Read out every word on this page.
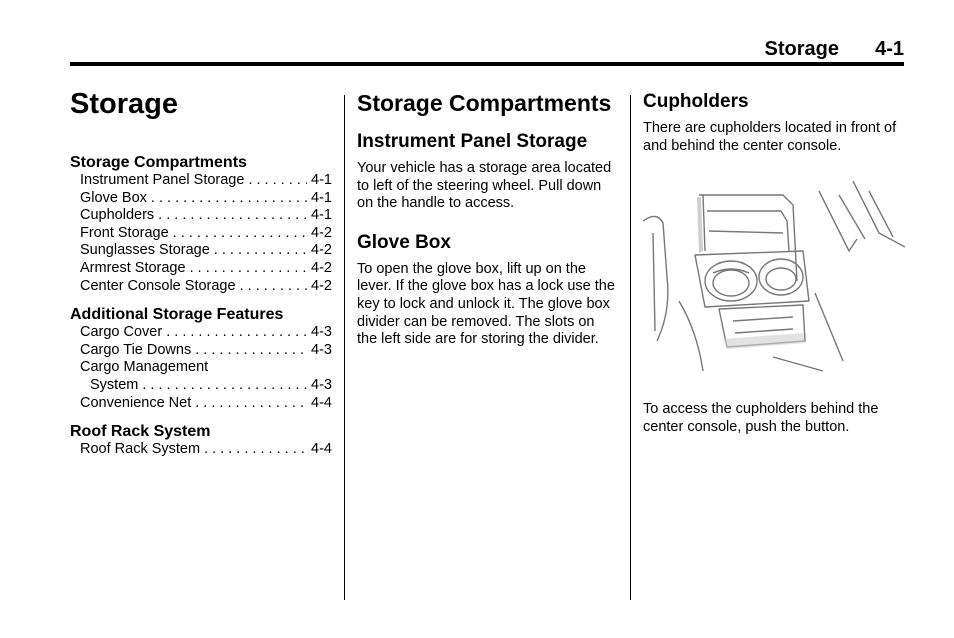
Storage 4-1
Storage
Storage Compartments
Instrument Panel Storage . . .	4-1
Glove Box . . .	4-1
Cupholders . . .	4-1
Front Storage . . .	4-2
Sunglasses Storage . . .	4-2
Armrest Storage . . .	4-2
Center Console Storage . . .	4-2
Additional Storage Features
Cargo Cover . . .	4-3
Cargo Tie Downs . . .	4-3
Cargo Management
System . . .	4-3
Convenience Net . . .	4-4
Roof Rack System
Roof Rack System . . .	4-4
Storage Compartments
Instrument Panel Storage

Your vehicle has a storage area located to left of the steering wheel. Pull down on the handle to access.

Glove Box

To open the glove box, lift up on the lever. If the glove box has a lock use the key to lock and unlock it. The glove box divider can be removed. The slots on the left side are for storing the divider.

Cupholders

There are cupholders located in front of and behind the center console.

To access the cupholders behind the center console, push the button.
